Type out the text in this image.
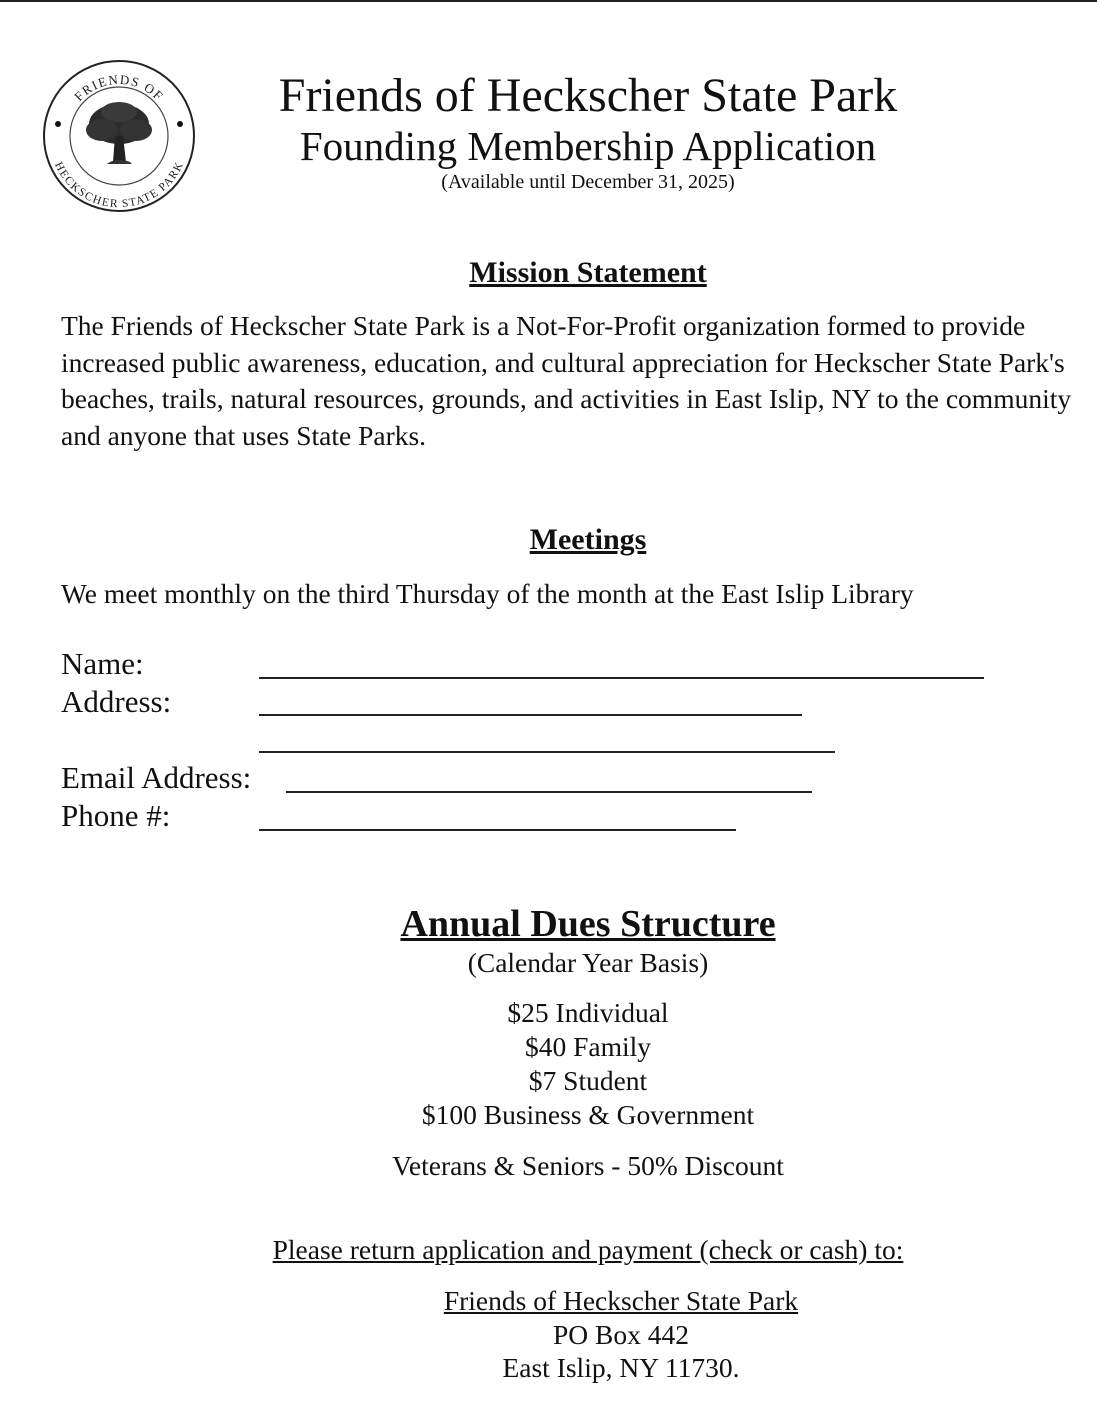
FRIENDS OF
HECKSCHER STATE PARK
Friends of Heckscher State Park
Founding Membership Application
(Available until December 31, 2025)
Mission Statement
The Friends of Heckscher State Park is a Not-For-Profit organization formed to provide increased public awareness, education, and cultural appreciation for Heckscher State Park's beaches, trails, natural resources, grounds, and activities in East Islip, NY to the community and anyone that uses State Parks.
Meetings
We meet monthly on the third Thursday of the month at the East Islip Library
Name:
Address:
Email Address:
Phone #:
Annual Dues Structure
(Calendar Year Basis)
$25 Individual
$40 Family
$7 Student
$100 Business & Government
Veterans & Seniors - 50% Discount
Please return application and payment (check or cash) to:
Friends of Heckscher State Park
PO Box 442
East Islip, NY 11730.
